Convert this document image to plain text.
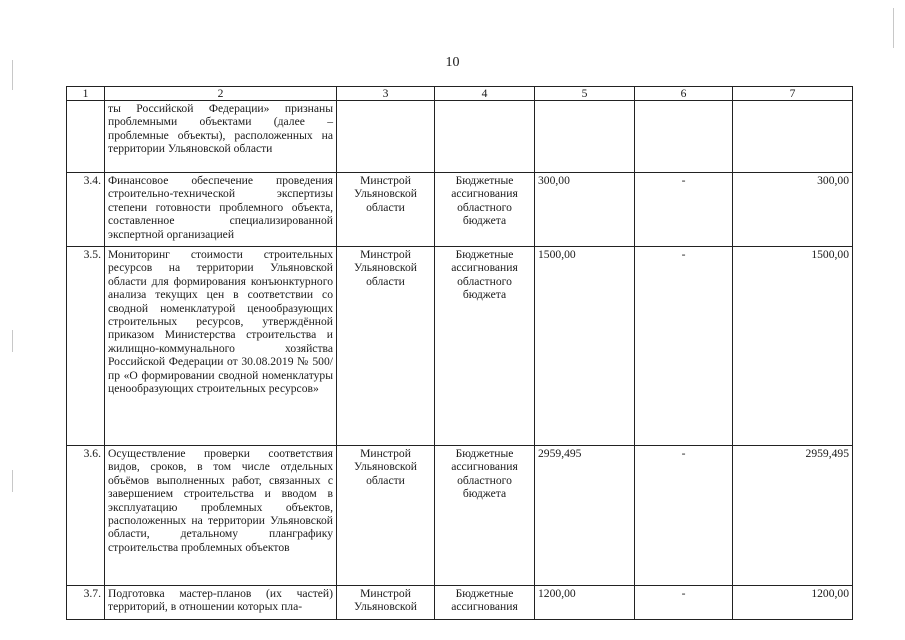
10
1	2	3	4	5	6	7
	ты Российской Федерации» признаны проблемными объектами (далее – проблемные объекты), расположенных на территории Ульяновской области					
3.4.	Финансовое обеспечение проведения строительно-технической экспертизы степени готовности проблемного объекта, составленное специализированной экспертной организацией	Минстрой Ульяновской области	Бюджетные ассигнования областного бюджета	300,00	-	300,00
3.5.	Мониторинг стоимости строительных ресурсов на территории Ульяновской области для формирования конъюнктурного анализа текущих цен в соответствии со сводной номенклатурой ценообразующих строительных ресурсов, утверждённой приказом Министерства строительства и жилищно-коммунального хозяйства Российской Федерации от 30.08.2019 № 500/пр «О формировании сводной номенклатуры ценообразующих строительных ресурсов»	Минстрой Ульяновской области	Бюджетные ассигнования областного бюджета	1500,00	-	1500,00
3.6.	Осуществление проверки соответствия видов, сроков, в том числе отдельных объёмов выполненных работ, связанных с завершением строительства и вводом в эксплуатацию проблемных объектов, расположенных на территории Ульяновской области, детальному планграфику строительства проблемных объектов	Минстрой Ульяновской области	Бюджетные ассигнования областного бюджета	2959,495	-	2959,495
3.7.	Подготовка мастер-планов (их частей) территорий, в отношении которых пла-	Минстрой Ульяновской	Бюджетные ассигнования	1200,00	-	1200,00
